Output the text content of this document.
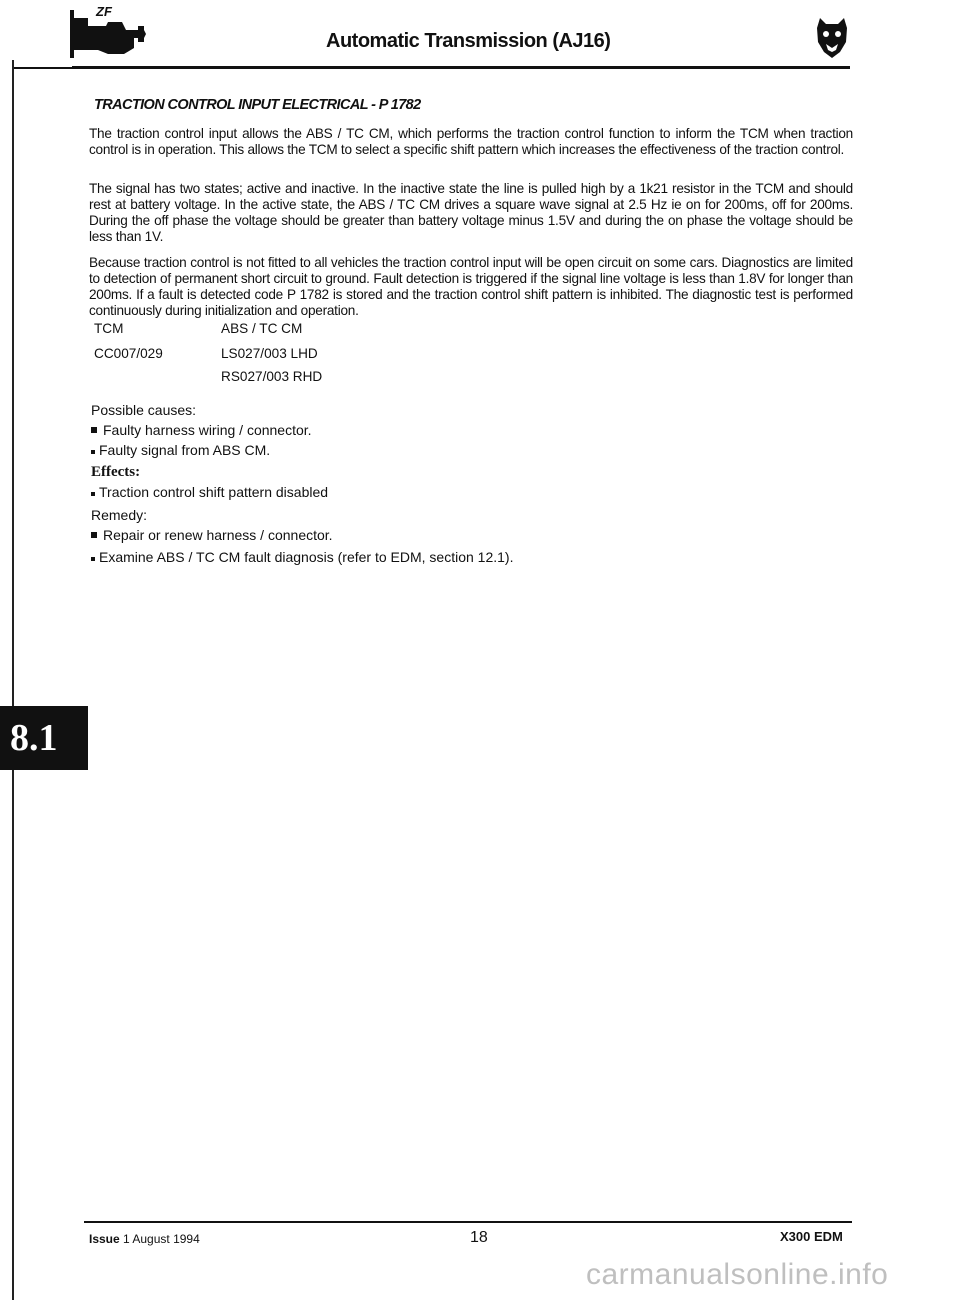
ZF
Automatic Transmission (AJ16)
TRACTION CONTROL INPUT ELECTRICAL - P 1782

The traction control input allows the ABS / TC CM, which performs the traction control function to inform the TCM when traction control is in operation. This allows the TCM to select a specific shift pattern which increases the effectiveness of the traction control.

The signal has two states; active and inactive. In the inactive state the line is pulled high by a 1k21 resistor in the TCM and should rest at battery voltage. In the active state, the ABS / TC CM drives a square wave signal at 2.5 Hz ie on for 200ms, off for 200ms. During the off phase the voltage should be greater than battery voltage minus 1.5V and during the on phase the voltage should be less than 1V.

Because traction control is not fitted to all vehicles the traction control input will be open circuit on some cars. Diagnostics are limited to detection of permanent short circuit to ground. Fault detection is triggered if the signal line voltage is less than 1.8V for longer than 200ms. If a fault is detected code P 1782 is stored and the traction control shift pattern is inhibited. The diagnostic test is performed continuously during initialization and operation.

TCM	ABS / TC CM
CC007/029	LS027/003 LHD
RS027/003 RHD
Possible causes:
Faulty harness wiring / connector.
Faulty signal from ABS CM.
Effects:
Traction control shift pattern disabled
Remedy:
Repair or renew harness / connector.
Examine ABS / TC CM fault diagnosis (refer to EDM, section 12.1).
8.1
Issue 1 August 1994	18	X300 EDM
carmanualsonline.info
